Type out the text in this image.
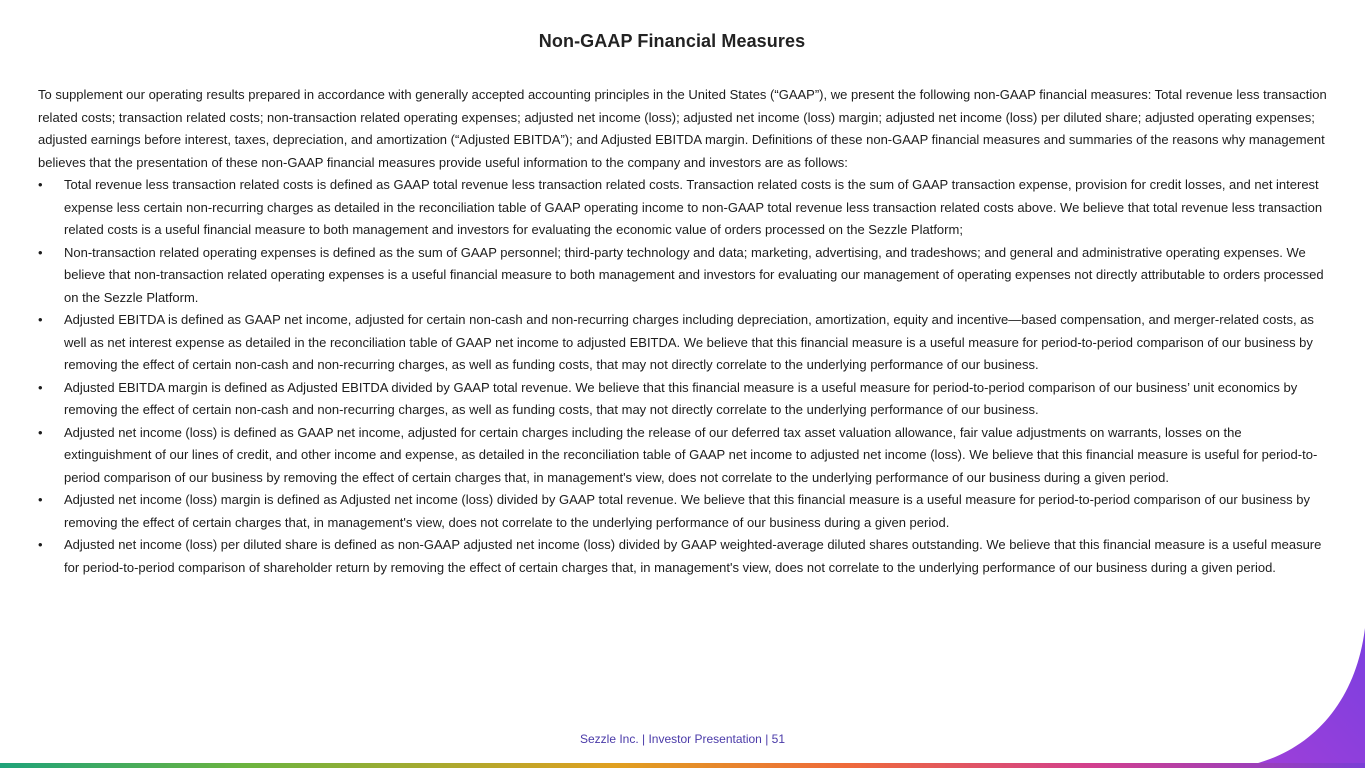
Non-GAAP Financial Measures

To supplement our operating results prepared in accordance with generally accepted accounting principles in the United States (“GAAP”), we present the following non-GAAP financial measures: Total revenue less transaction related costs; transaction related costs; non-transaction related operating expenses; adjusted net income (loss); adjusted net income (loss) margin; adjusted net income (loss) per diluted share; adjusted operating expenses; adjusted earnings before interest, taxes, depreciation, and amortization (“Adjusted EBITDA”); and Adjusted EBITDA margin. Definitions of these non-GAAP financial measures and summaries of the reasons why management believes that the presentation of these non-GAAP financial measures provide useful information to the company and investors are as follows:

•	Total revenue less transaction related costs is defined as GAAP total revenue less transaction related costs. Transaction related costs is the sum of GAAP transaction expense, provision for credit losses, and net interest expense less certain non-recurring charges as detailed in the reconciliation table of GAAP operating income to non-GAAP total revenue less transaction related costs above. We believe that total revenue less transaction related costs is a useful financial measure to both management and investors for evaluating the economic value of orders processed on the Sezzle Platform;
•	Non-transaction related operating expenses is defined as the sum of GAAP personnel; third-party technology and data; marketing, advertising, and tradeshows; and general and administrative operating expenses. We believe that non-transaction related operating expenses is a useful financial measure to both management and investors for evaluating our management of operating expenses not directly attributable to orders processed on the Sezzle Platform.
•	Adjusted EBITDA is defined as GAAP net income, adjusted for certain non-cash and non-recurring charges including depreciation, amortization, equity and incentive—based compensation, and merger-related costs, as well as net interest expense as detailed in the reconciliation table of GAAP net income to adjusted EBITDA. We believe that this financial measure is a useful measure for period-to-period comparison of our business by removing the effect of certain non-cash and non-recurring charges, as well as funding costs, that may not directly correlate to the underlying performance of our business.
•	Adjusted EBITDA margin is defined as Adjusted EBITDA divided by GAAP total revenue. We believe that this financial measure is a useful measure for period-to-period comparison of our business’ unit economics by removing the effect of certain non-cash and non-recurring charges, as well as funding costs, that may not directly correlate to the underlying performance of our business.
•	Adjusted net income (loss) is defined as GAAP net income, adjusted for certain charges including the release of our deferred tax asset valuation allowance, fair value adjustments on warrants, losses on the extinguishment of our lines of credit, and other income and expense, as detailed in the reconciliation table of GAAP net income to adjusted net income (loss). We believe that this financial measure is useful for period-to-period comparison of our business by removing the effect of certain charges that, in management's view, does not correlate to the underlying performance of our business during a given period.
•	Adjusted net income (loss) margin is defined as Adjusted net income (loss) divided by GAAP total revenue. We believe that this financial measure is a useful measure for period-to-period comparison of our business by removing the effect of certain charges that, in management's view, does not correlate to the underlying performance of our business during a given period.
•	Adjusted net income (loss) per diluted share is defined as non-GAAP adjusted net income (loss) divided by GAAP weighted-average diluted shares outstanding. We believe that this financial measure is a useful measure for period-to-period comparison of shareholder return by removing the effect of certain charges that, in management's view, does not correlate to the underlying performance of our business during a given period.
Sezzle Inc. | Investor Presentation | 51
